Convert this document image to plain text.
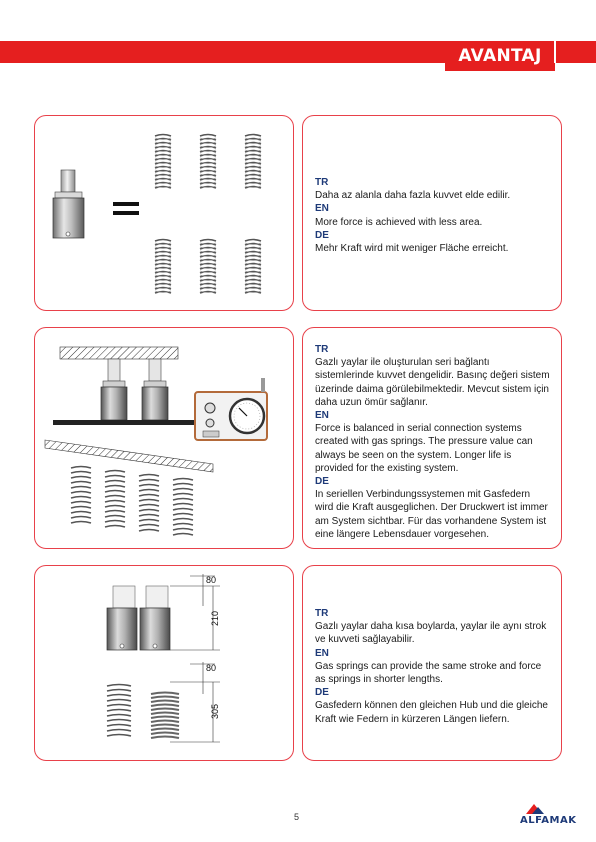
AVANTAJ
TR
Daha az alanla daha fazla kuvvet elde edilir.
EN
More force is achieved with less area.
DE
Mehr Kraft wird mit weniger Fläche erreicht.
TR
Gazlı yaylar ile oluşturulan seri bağlantı sistemlerinde kuvvet dengelidir. Basınç değeri sistem üzerinde daima görülebilmektedir. Mevcut sistem için daha uzun ömür sağlanır.
EN
Force is balanced in serial connection systems created with gas springs. The pressure value can always be seen on the system. Longer life is provided for the existing system.
DE
In seriellen Verbindungssystemen mit Gasfedern wird die Kraft ausgeglichen. Der Druckwert ist immer am System sichtbar. Für das vorhandene System ist eine längere Lebensdauer vorgesehen.
80
210
80
305
TR
Gazlı yaylar daha kısa boylarda, yaylar ile aynı strok ve kuvveti sağlayabilir.
EN
Gas springs can provide the same stroke and force as springs in shorter lengths.
DE
Gasfedern können den gleichen Hub und die gleiche Kraft wie Federn in kürzeren Längen liefern.
5	ALFAMAK
